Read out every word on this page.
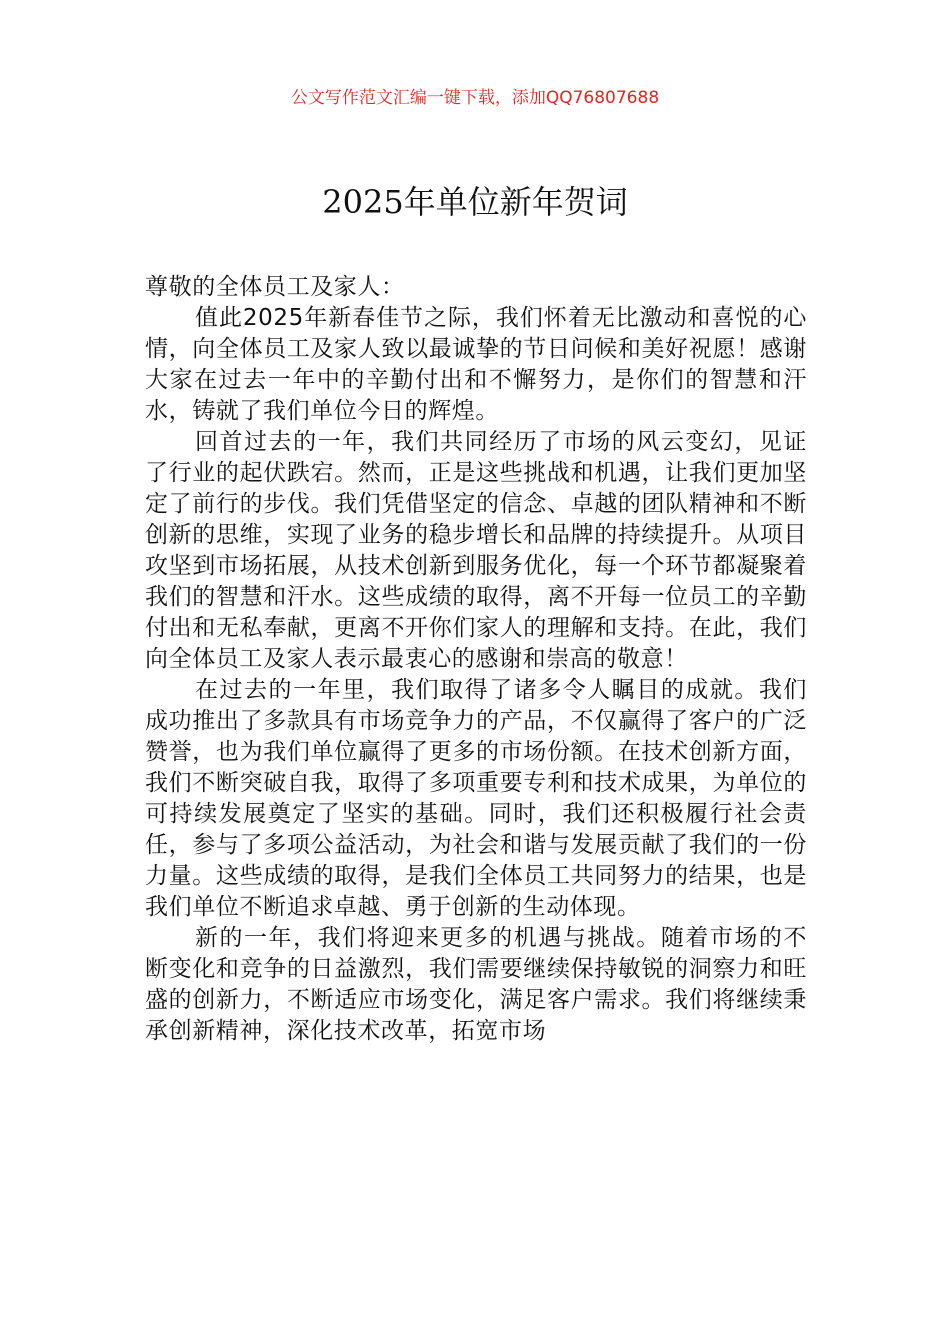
公文写作范文汇编一键下载，添加QQ76807688
2025年单位新年贺词

尊敬的全体员工及家人：

值此2025年新春佳节之际，我们怀着无比激动和喜悦的心情，向全体员工及家人致以最诚挚的节日问候和美好祝愿！感谢大家在过去一年中的辛勤付出和不懈努力，是你们的智慧和汗水，铸就了我们单位今日的辉煌。

回首过去的一年，我们共同经历了市场的风云变幻，见证了行业的起伏跌宕。然而，正是这些挑战和机遇，让我们更加坚定了前行的步伐。我们凭借坚定的信念、卓越的团队精神和不断创新的思维，实现了业务的稳步增长和品牌的持续提升。从项目攻坚到市场拓展，从技术创新到服务优化，每一个环节都凝聚着我们的智慧和汗水。这些成绩的取得，离不开每一位员工的辛勤付出和无私奉献，更离不开你们家人的理解和支持。在此，我们向全体员工及家人表示最衷心的感谢和崇高的敬意！

在过去的一年里，我们取得了诸多令人瞩目的成就。我们成功推出了多款具有市场竞争力的产品，不仅赢得了客户的广泛赞誉，也为我们单位赢得了更多的市场份额。在技术创新方面，我们不断突破自我，取得了多项重要专利和技术成果，为单位的可持续发展奠定了坚实的基础。同时，我们还积极履行社会责任，参与了多项公益活动，为社会和谐与发展贡献了我们的一份力量。这些成绩的取得，是我们全体员工共同努力的结果，也是我们单位不断追求卓越、勇于创新的生动体现。

新的一年，我们将迎来更多的机遇与挑战。随着市场的不断变化和竞争的日益激烈，我们需要继续保持敏锐的洞察力和旺盛的创新力，不断适应市场变化，满足客户需求。我们将继续秉承创新精神，深化技术改革，拓宽市场
